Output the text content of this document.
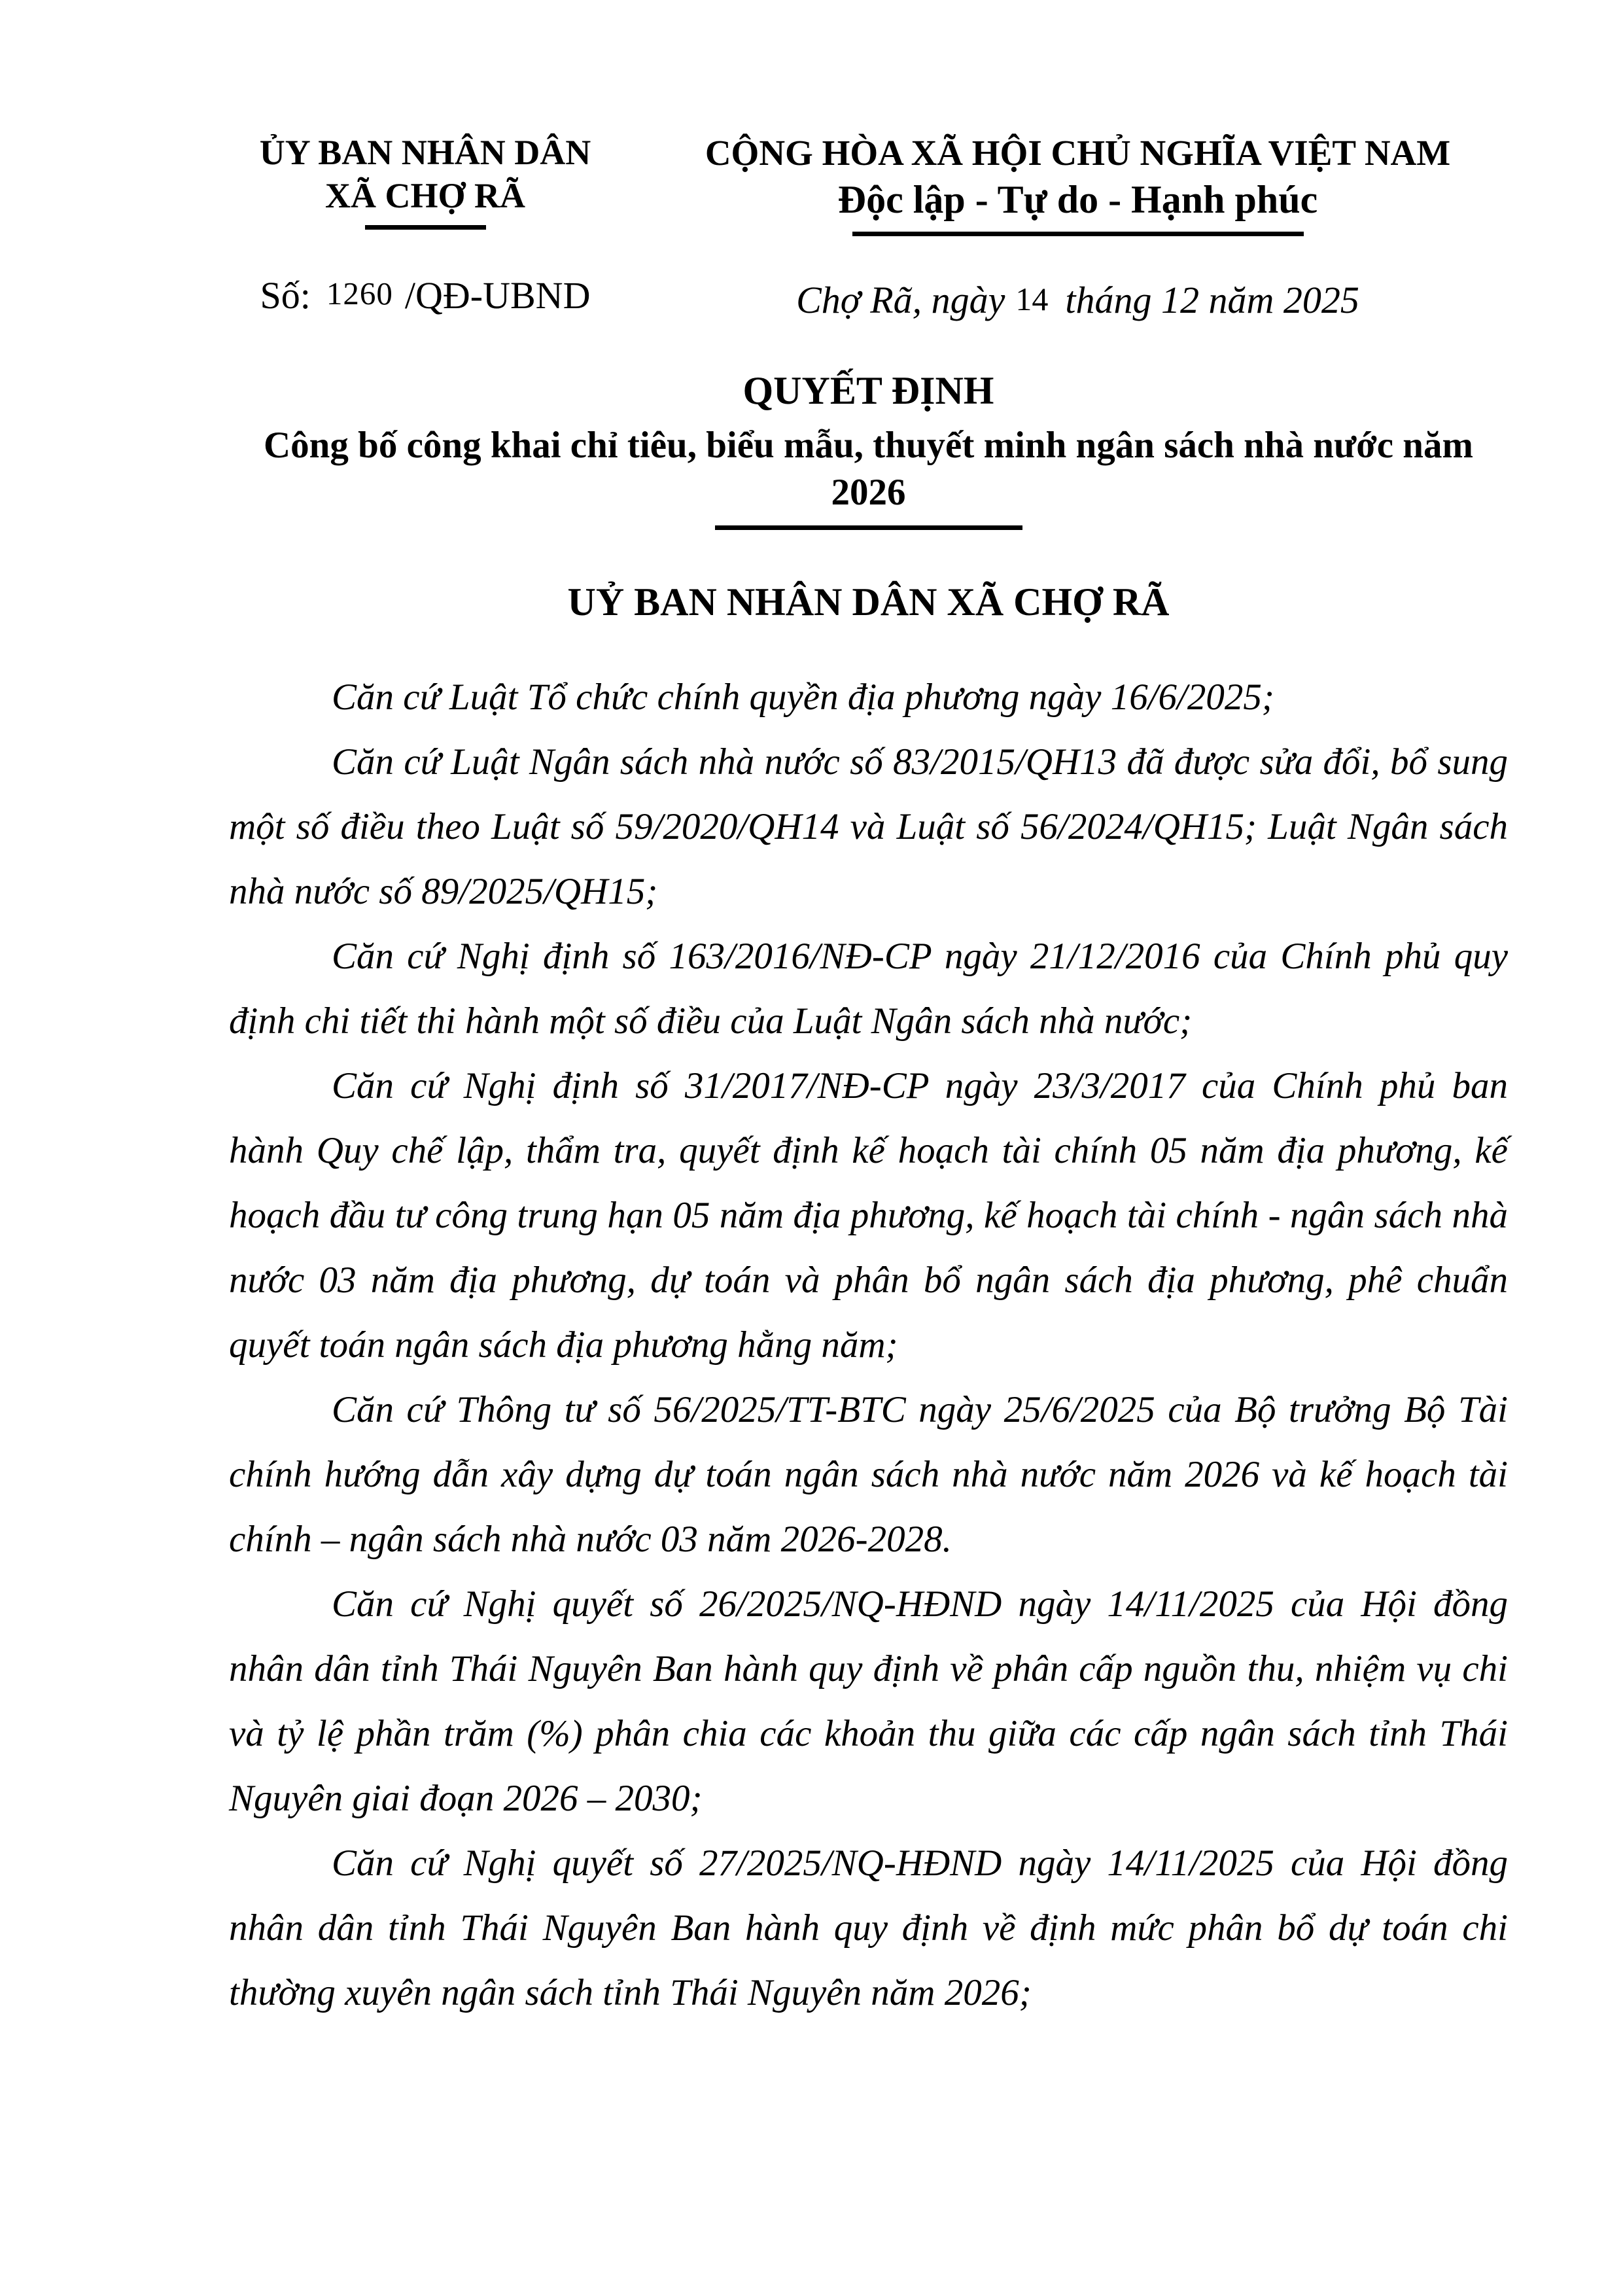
ỦY BAN NHÂN DÂN
XÃ CHỢ RÃ
Số: 1260 /QĐ-UBND
CỘNG HÒA XÃ HỘI CHỦ NGHĨA VIỆT NAM
Độc lập - Tự do - Hạnh phúc
Chợ Rã, ngày 14 tháng 12 năm 2025
QUYẾT ĐỊNH
Công bố công khai chỉ tiêu, biểu mẫu, thuyết minh ngân sách nhà nước năm 2026
UỶ BAN NHÂN DÂN XÃ CHỢ RÃ

Căn cứ Luật Tổ chức chính quyền địa phương ngày 16/6/2025;

Căn cứ Luật Ngân sách nhà nước số 83/2015/QH13 đã được sửa đổi, bổ sung một số điều theo Luật số 59/2020/QH14 và Luật số 56/2024/QH15; Luật Ngân sách nhà nước số 89/2025/QH15;

Căn cứ Nghị định số 163/2016/NĐ-CP ngày 21/12/2016 của Chính phủ quy định chi tiết thi hành một số điều của Luật Ngân sách nhà nước;

Căn cứ Nghị định số 31/2017/NĐ-CP ngày 23/3/2017 của Chính phủ ban hành Quy chế lập, thẩm tra, quyết định kế hoạch tài chính 05 năm địa phương, kế hoạch đầu tư công trung hạn 05 năm địa phương, kế hoạch tài chính - ngân sách nhà nước 03 năm địa phương, dự toán và phân bổ ngân sách địa phương, phê chuẩn quyết toán ngân sách địa phương hằng năm;

Căn cứ Thông tư số 56/2025/TT-BTC ngày 25/6/2025 của Bộ trưởng Bộ Tài chính hướng dẫn xây dựng dự toán ngân sách nhà nước năm 2026 và kế hoạch tài chính – ngân sách nhà nước 03 năm 2026-2028.

Căn cứ Nghị quyết số 26/2025/NQ-HĐND ngày 14/11/2025 của Hội đồng nhân dân tỉnh Thái Nguyên Ban hành quy định về phân cấp nguồn thu, nhiệm vụ chi và tỷ lệ phần trăm (%) phân chia các khoản thu giữa các cấp ngân sách tỉnh Thái Nguyên giai đoạn 2026 – 2030;

Căn cứ Nghị quyết số 27/2025/NQ-HĐND ngày 14/11/2025 của Hội đồng nhân dân tỉnh Thái Nguyên Ban hành quy định về định mức phân bổ dự toán chi thường xuyên ngân sách tỉnh Thái Nguyên năm 2026;
